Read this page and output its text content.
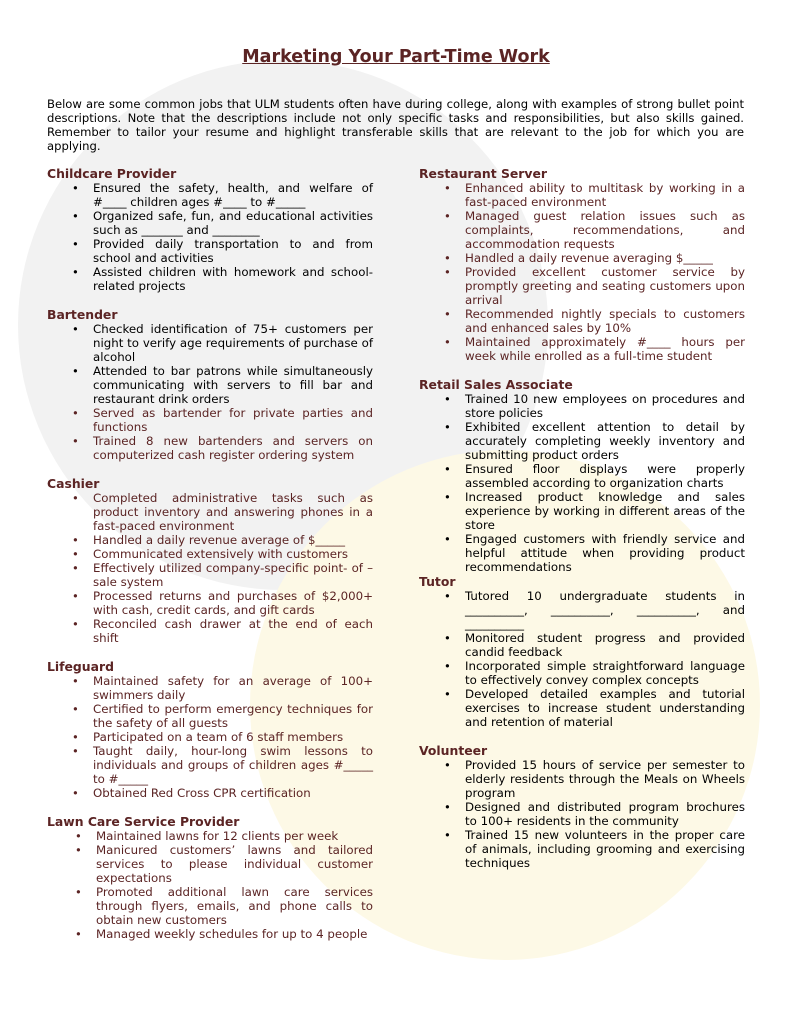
Marketing Your Part-Time Work
Below are some common jobs that ULM students often have during college, along with examples of strong bullet point descriptions. Note that the descriptions include not only specific tasks and responsibilities, but also skills gained. Remember to tailor your resume and highlight transferable skills that are relevant to the job for which you are applying.
Childcare Provider
• Ensured the safety, health, and welfare of #____ children ages #____ to #_____
• Organized safe, fun, and educational activities such as _______ and ________
• Provided daily transportation to and from school and activities
• Assisted children with homework and school-related projects
Bartender
• Checked identification of 75+ customers per night to verify age requirements of purchase of alcohol
• Attended to bar patrons while simultaneously communicating with servers to fill bar and restaurant drink orders
• Served as bartender for private parties and functions
• Trained 8 new bartenders and servers on computerized cash register ordering system
Cashier
• Completed administrative tasks such as product inventory and answering phones in a fast-paced environment
• Handled a daily revenue average of $_____
• Communicated extensively with customers
• Effectively utilized company-specific point- of – sale system
• Processed returns and purchases of $2,000+ with cash, credit cards, and gift cards
• Reconciled cash drawer at the end of each shift
Lifeguard
• Maintained safety for an average of 100+ swimmers daily
• Certified to perform emergency techniques for the safety of all guests
• Participated on a team of 6 staff members
• Taught daily, hour-long swim lessons to individuals and groups of children ages #_____ to #_____
• Obtained Red Cross CPR certification
Lawn Care Service Provider
• Maintained lawns for 12 clients per week
• Manicured customers’ lawns and tailored services to please individual customer expectations
• Promoted additional lawn care services through flyers, emails, and phone calls to obtain new customers
• Managed weekly schedules for up to 4 people
Restaurant Server
• Enhanced ability to multitask by working in a fast-paced environment
• Managed guest relation issues such as complaints, recommendations, and accommodation requests
• Handled a daily revenue averaging $_____
• Provided excellent customer service by promptly greeting and seating customers upon arrival
• Recommended nightly specials to customers and enhanced sales by 10%
• Maintained approximately #____ hours per week while enrolled as a full-time student
Retail Sales Associate
• Trained 10 new employees on procedures and store policies
• Exhibited excellent attention to detail by accurately completing weekly inventory and submitting product orders
• Ensured floor displays were properly assembled according to organization charts
• Increased product knowledge and sales experience by working in different areas of the store
• Engaged customers with friendly service and helpful attitude when providing product recommendations
Tutor
• Tutored 10 undergraduate students in __________, __________, __________, and __________
• Monitored student progress and provided candid feedback
• Incorporated simple straightforward language to effectively convey complex concepts
• Developed detailed examples and tutorial exercises to increase student understanding and retention of material
Volunteer
• Provided 15 hours of service per semester to elderly residents through the Meals on Wheels program
• Designed and distributed program brochures to 100+ residents in the community
• Trained 15 new volunteers in the proper care of animals, including grooming and exercising techniques
